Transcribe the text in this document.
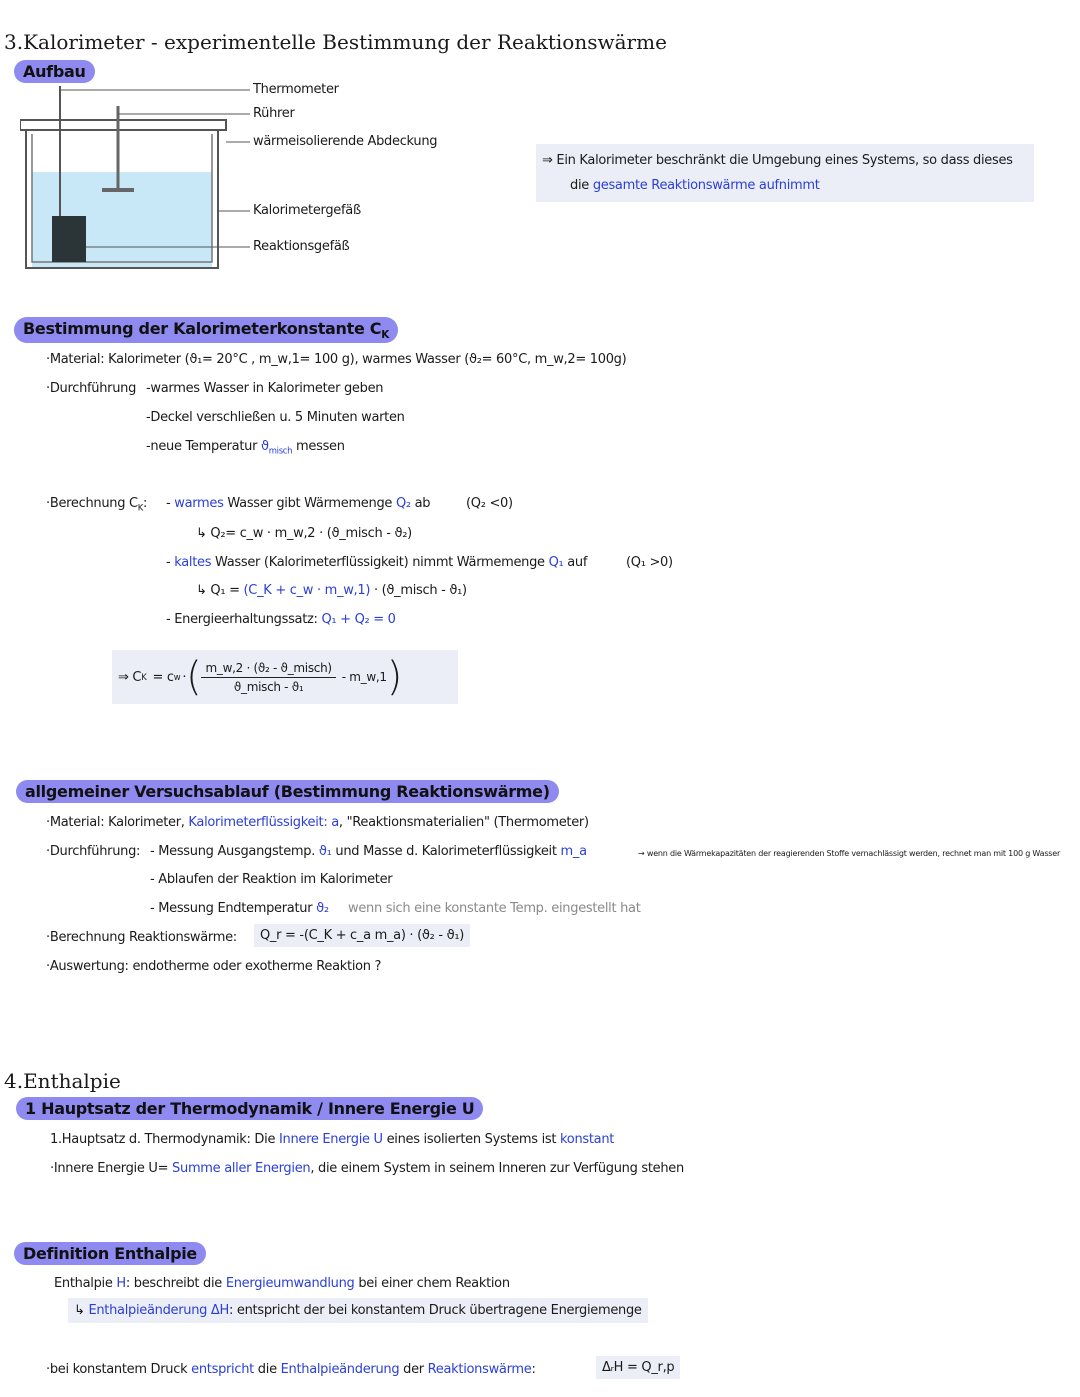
3.Kalorimeter - experimentelle Bestimmung der Reaktionswärme
Aufbau
Thermometer
Rührer
wärmeisolierende Abdeckung
Kalorimetergefäß
Reaktionsgefäß
⇒ Ein Kalorimeter beschränkt die Umgebung eines Systems, so dass dieses
die gesamte Reaktionswärme aufnimmt
Bestimmung der Kalorimeterkonstante $C_K$
·Material: Kalorimeter (ϑ₁= 20°C , m_w,1= 100 g), warmes Wasser (ϑ₂= 60°C, m_w,2= 100g)
·Durchführung -warmes Wasser in Kalorimeter geben
-Deckel verschließen u. 5 Minuten warten
-neue Temperatur $ϑ_{misch}$ messen
·Berechnung $C_K$: - warmes Wasser gibt Wärmemenge Q₂ ab	(Q₂ <0)
↳ Q₂= c_w · m_w,2 · (ϑ_misch - ϑ₂)
- kaltes Wasser (Kalorimeterflüssigkeit) nimmt Wärmemenge Q₁ auf	(Q₁ >0)
↳ Q₁ = (C_K + c_w · m_w,1) · (ϑ_misch - ϑ₁)
- Energieerhaltungssatz: Q₁ + Q₂ = 0
⇒ C K = c w · ( $\frac{\text{m\_w,2 · (ϑ₂ - ϑ\_misch)}}{\text{ϑ\_misch - ϑ₁}}$ - m_w,1 )
allgemeiner Versuchsablauf (Bestimmung Reaktionswärme)
·Material: Kalorimeter, Kalorimeterflüssigkeit: a, "Reaktionsmaterialien" (Thermometer)
·Durchführung: - Messung Ausgangstemp. ϑ₁ und Masse d. Kalorimeterflüssigkeit m_a	→ wenn die Wärmekapazitäten der reagierenden Stoffe vernachlässigt werden, rechnet man mit 100 g Wasser
- Ablaufen der Reaktion im Kalorimeter
- Messung Endtemperatur ϑ₂ wenn sich eine konstante Temp. eingestellt hat
·Berechnung Reaktionswärme:	Q_r = -(C_K + c_a m_a) · (ϑ₂ - ϑ₁)
·Auswertung: endotherme oder exotherme Reaktion ?
4.Enthalpie
1 Hauptsatz der Thermodynamik / Innere Energie U
1.Hauptsatz d. Thermodynamik: Die Innere Energie U eines isolierten Systems ist konstant
·Innere Energie U= Summe aller Energien, die einem System in seinem Inneren zur Verfügung stehen
Definition Enthalpie
Enthalpie H: beschreibt die Energieumwandlung bei einer chem Reaktion
↳ Enthalpieänderung ΔH: entspricht der bei konstantem Druck übertragene Energiemenge
·bei konstantem Druck entspricht die Enthalpieänderung der Reaktionswärme:	ΔᵣH = Q_r,p
